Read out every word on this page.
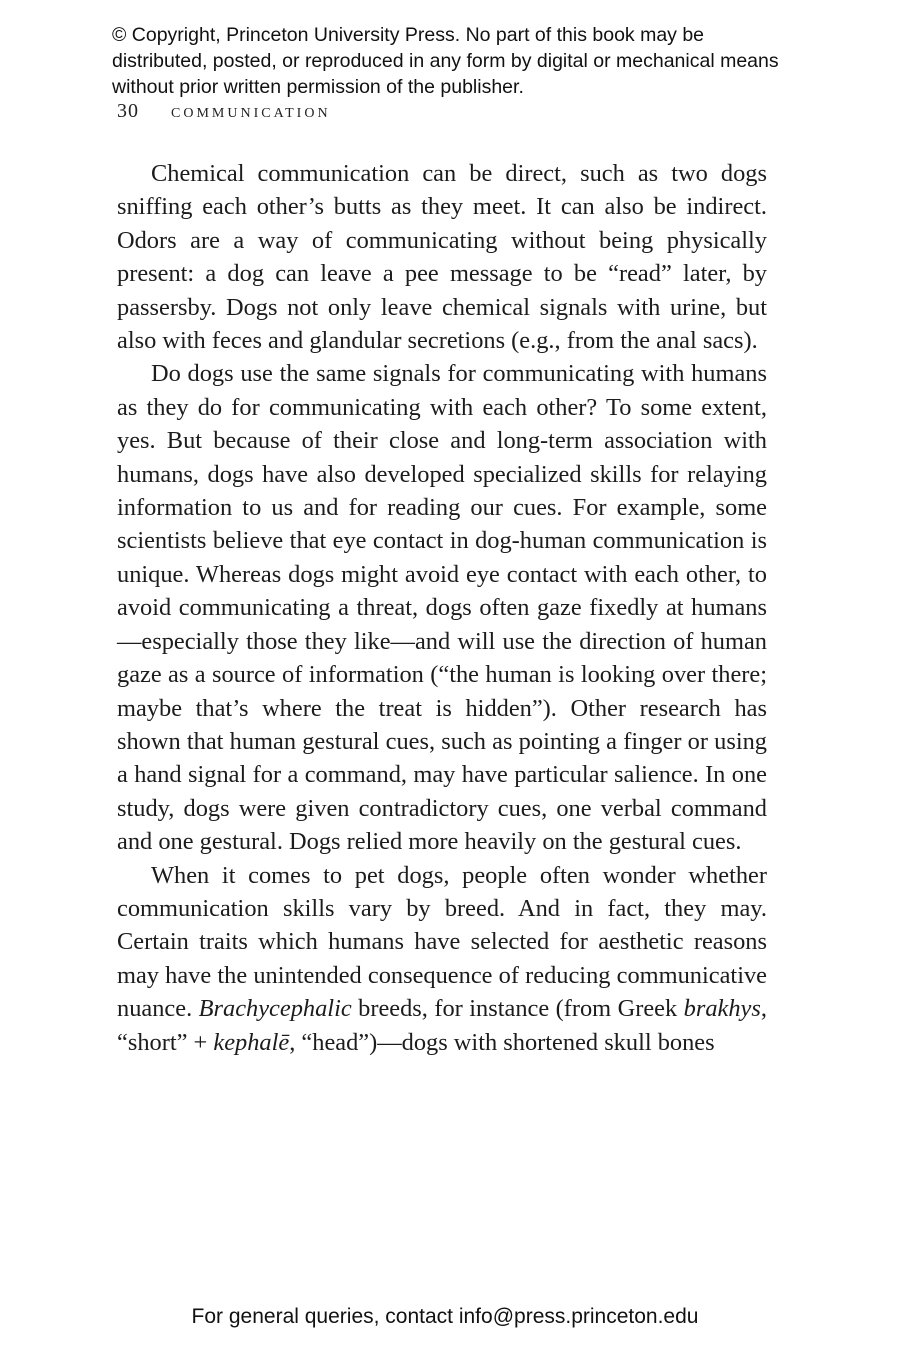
© Copyright, Princeton University Press. No part of this book may be distributed, posted, or reproduced in any form by digital or mechanical means without prior written permission of the publisher.
30 communication

Chemical communication can be direct, such as two dogs sniffing each other’s butts as they meet. It can also be indirect. Odors are a way of communicating without being physically present: a dog can leave a pee message to be “read” later, by passersby. Dogs not only leave chemical signals with urine, but also with feces and glandular secretions (e.g., from the anal sacs).

Do dogs use the same signals for communicating with humans as they do for communicating with each other? To some extent, yes. But because of their close and long-term association with humans, dogs have also developed specialized skills for relaying information to us and for reading our cues. For example, some scientists believe that eye contact in dog-human communication is unique. Whereas dogs might avoid eye contact with each other, to avoid communicating a threat, dogs often gaze fixedly at humans—especially those they like—and will use the direction of human gaze as a source of information (“the human is looking over there; maybe that’s where the treat is hidden”). Other research has shown that human gestural cues, such as pointing a finger or using a hand signal for a command, may have particular salience. In one study, dogs were given contradictory cues, one verbal command and one gestural. Dogs relied more heavily on the gestural cues.

When it comes to pet dogs, people often wonder whether communication skills vary by breed. And in fact, they may. Certain traits which humans have selected for aesthetic reasons may have the unintended consequence of reducing communicative nuance. Brachycephalic breeds, for instance (from Greek brakhys, “short” + kephalē, “head”)—dogs with shortened skull bones

For general queries, contact info@press.princeton.edu
